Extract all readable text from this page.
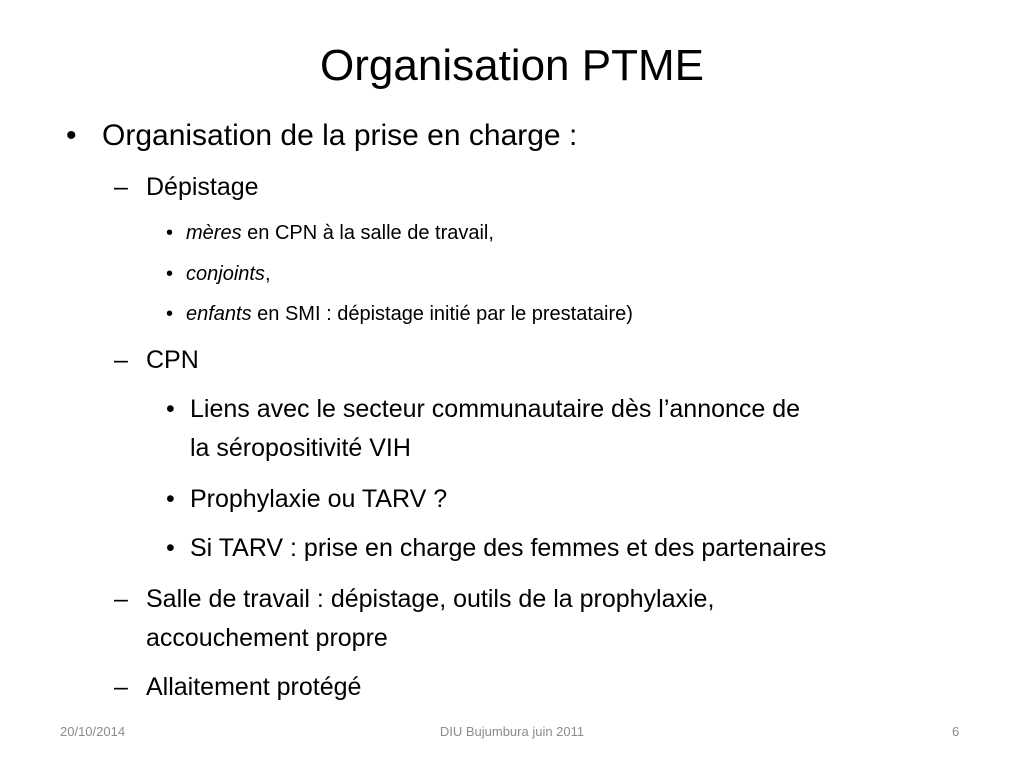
Organisation PTME
• Organisation de la prise en charge :
– Dépistage
• mères en CPN à la salle de travail,
• conjoints,
• enfants en SMI : dépistage initié par le prestataire)
– CPN
• Liens avec le secteur communautaire dès l’annonce de
la séropositivité VIH
• Prophylaxie ou TARV ?
• Si TARV : prise en charge des femmes et des partenaires
– Salle de travail : dépistage, outils de la prophylaxie,
accouchement propre
– Allaitement protégé
20/10/2014	DIU Bujumbura juin 2011	6
